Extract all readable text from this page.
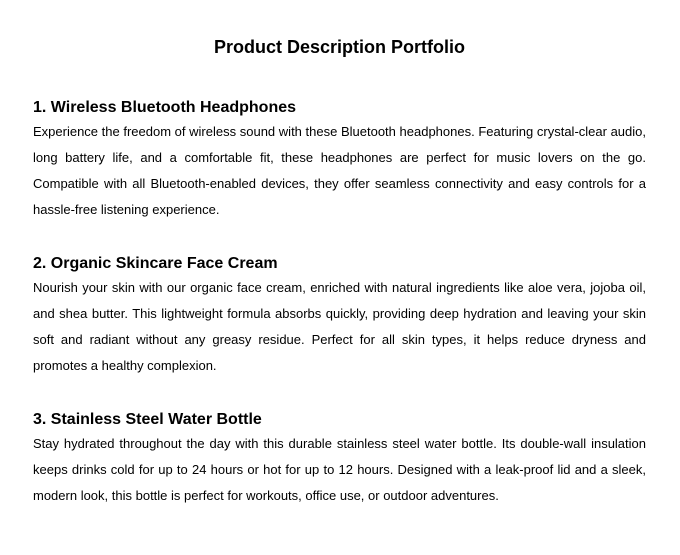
Product Description Portfolio
1. Wireless Bluetooth Headphones

Experience the freedom of wireless sound with these Bluetooth headphones. Featuring crystal-clear audio, long battery life, and a comfortable fit, these headphones are perfect for music lovers on the go. Compatible with all Bluetooth-enabled devices, they offer seamless connectivity and easy controls for a hassle-free listening experience.

2. Organic Skincare Face Cream

Nourish your skin with our organic face cream, enriched with natural ingredients like aloe vera, jojoba oil, and shea butter. This lightweight formula absorbs quickly, providing deep hydration and leaving your skin soft and radiant without any greasy residue. Perfect for all skin types, it helps reduce dryness and promotes a healthy complexion.

3. Stainless Steel Water Bottle

Stay hydrated throughout the day with this durable stainless steel water bottle. Its double-wall insulation keeps drinks cold for up to 24 hours or hot for up to 12 hours. Designed with a leak-proof lid and a sleek, modern look, this bottle is perfect for workouts, office use, or outdoor adventures.
